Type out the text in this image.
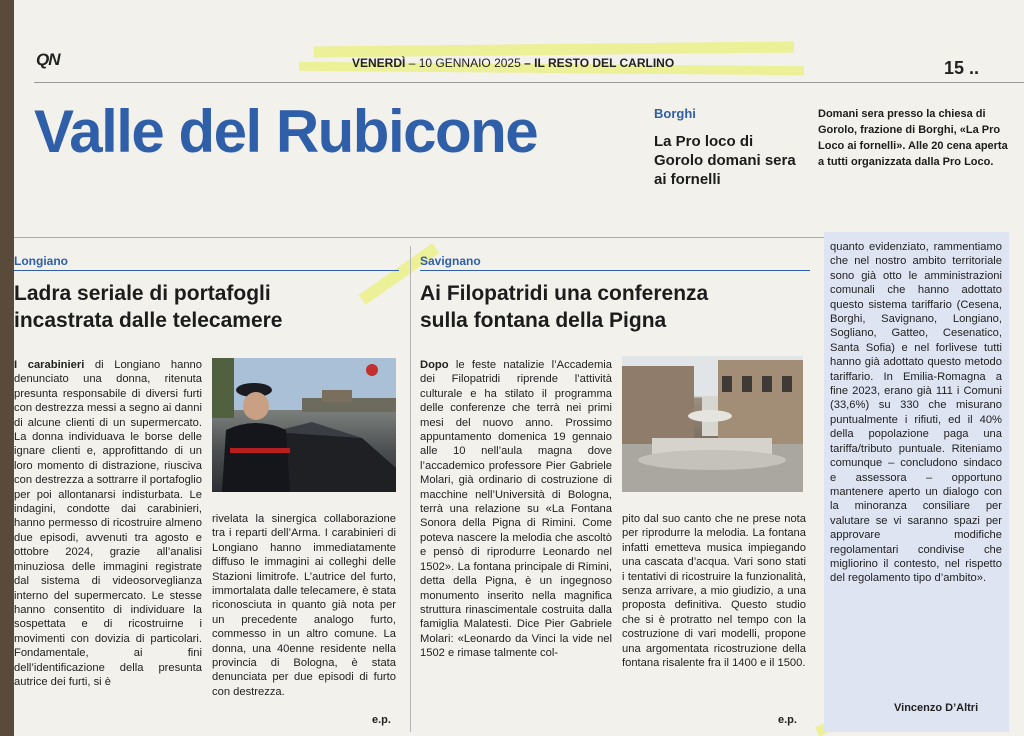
QN	VENERDÌ – 10 GENNAIO 2025 – IL RESTO DEL CARLINO	15 ..
Valle del Rubicone	Borghi
La Pro loco di Gorolo domani sera ai fornelli
Domani sera presso la chiesa di Gorolo, frazione di Borghi, «La Pro Loco ai fornelli». Alle 20 cena aperta a tutti organizzata dalla Pro Loco.
Longiano
Ladra seriale di portafogli
incastrata dalle telecamere
I carabinieri di Longiano hanno denunciato una donna, ritenuta presunta responsabile di diversi furti con destrezza messi a segno ai danni di alcune clienti di un supermercato. La donna individuava le borse delle ignare clienti e, approfittando di un loro momento di distrazione, riusciva con destrezza a sottrarre il portafoglio per poi allontanarsi indisturbata. Le indagini, condotte dai carabinieri, hanno permesso di ricostruire almeno due episodi, avvenuti tra agosto e ottobre 2024, grazie all’analisi minuziosa delle immagini registrate dal sistema di videosorveglianza interno del supermercato. Le stesse hanno consentito di individuare la sospettata e di ricostruirne i movimenti con dovizia di particolari. Fondamentale, ai fini dell’identificazione della presunta autrice dei furti, si è
rivelata la sinergica collaborazione tra i reparti dell’Arma. I carabinieri di Longiano hanno immediatamente diffuso le immagini ai colleghi delle Stazioni limitrofe. L’autrice del furto, immortalata dalle telecamere, è stata riconosciuta in quanto già nota per un precedente analogo furto, commesso in un altro comune. La donna, una 40enne residente nella provincia di Bologna, è stata denunciata per due episodi di furto con destrezza.
e.p.
Savignano
Ai Filopatridi una conferenza
sulla fontana della Pigna
Dopo le feste natalizie l’Accademia dei Filopatridi riprende l’attività culturale e ha stilato il programma delle conferenze che terrà nei primi mesi del nuovo anno. Prossimo appuntamento domenica 19 gennaio alle 10 nell’aula magna dove l’accademico professore Pier Gabriele Molari, già ordinario di costruzione di macchine nell’Università di Bologna, terrà una relazione su «La Fontana Sonora della Pigna di Rimini. Come poteva nascere la melodia che ascoltò e pensò di riprodurre Leonardo nel 1502». La fontana principale di Rimini, detta della Pigna, è un ingegnoso monumento inserito nella magnifica struttura rinascimentale costruita dalla famiglia Malatesti. Dice Pier Gabriele Molari: «Leonardo da Vinci la vide nel 1502 e rimase talmente col-
pito dal suo canto che ne prese nota per riprodurre la melodia. La fontana infatti emetteva musica impiegando una cascata d’acqua. Vari sono stati i tentativi di ricostruire la funzionalità, senza arrivare, a mio giudizio, a una proposta definitiva. Questo studio che si è protratto nel tempo con la costruzione di vari modelli, propone una argomentata ricostruzione della fontana risalente fra il 1400 e il 1500.
e.p.
quanto evidenziato, rammentiamo che nel nostro ambito territoriale sono già otto le amministrazioni comunali che hanno adottato questo sistema tariffario (Cesena, Borghi, Savignano, Longiano, Sogliano, Gatteo, Cesenatico, Santa Sofia) e nel forlivese tutti hanno già adottato questo metodo tariffario. In Emilia-Romagna a fine 2023, erano già 111 i Comuni (33,6%) su 330 che misurano puntualmente i rifiuti, ed il 40% della popolazione paga una tariffa/tributo puntuale. Riteniamo comunque – concludono sindaco e assessora – opportuno mantenere aperto un dialogo con la minoranza consiliare per valutare se vi saranno spazi per approvare modifiche regolamentari condivise che migliorino il contesto, nel rispetto del regolamento tipo d’ambito».
Vincenzo D’Altri
